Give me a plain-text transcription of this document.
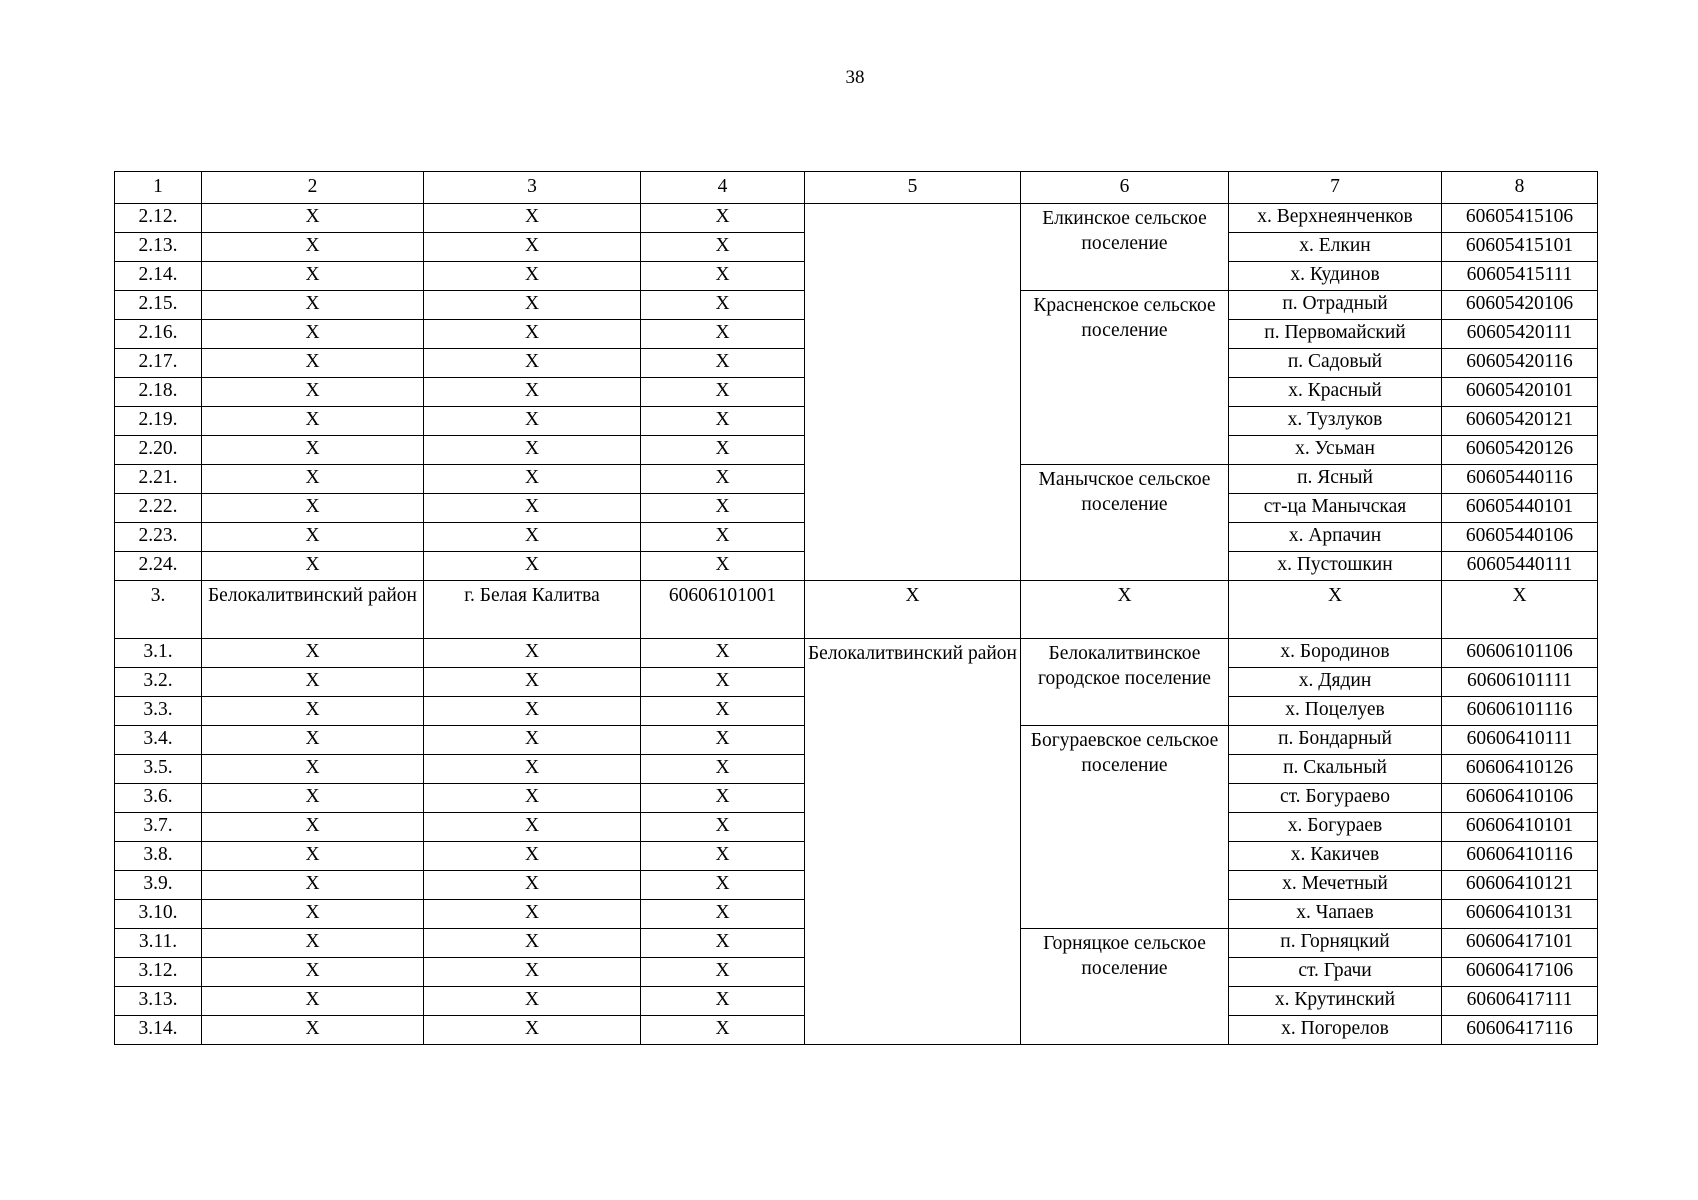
38
1	2	3	4	5	6	7	8
2.12.	Х	Х	Х		Елкинское сельское поселение	х. Верхнеянченков	60605415106
2.13.	Х	Х	Х			х. Елкин	60605415101
2.14.	Х	Х	Х			х. Кудинов	60605415111
2.15.	Х	Х	Х		Красненское сельское поселение	п. Отрадный	60605420106
2.16.	Х	Х	Х			п. Первомайский	60605420111
2.17.	Х	Х	Х			п. Садовый	60605420116
2.18.	Х	Х	Х			х. Красный	60605420101
2.19.	Х	Х	Х			х. Тузлуков	60605420121
2.20.	Х	Х	Х			х. Усьман	60605420126
2.21.	Х	Х	Х		Манычское сельское поселение	п. Ясный	60605440116
2.22.	Х	Х	Х			ст-ца Манычская	60605440101
2.23.	Х	Х	Х			х. Арпачин	60605440106
2.24.	Х	Х	Х			х. Пустошкин	60605440111
3.	Белокалитвинский район	г. Белая Калитва	60606101001	Х	Х	Х	Х
3.1.	Х	Х	Х	Белокалитвинский район	Белокалитвинское городское поселение	х. Бородинов	60606101106
3.2.	Х	Х	Х			х. Дядин	60606101111
3.3.	Х	Х	Х			х. Поцелуев	60606101116
3.4.	Х	Х	Х		Богураевское сельское поселение	п. Бондарный	60606410111
3.5.	Х	Х	Х			п. Скальный	60606410126
3.6.	Х	Х	Х			ст. Богураево	60606410106
3.7.	Х	Х	Х			х. Богураев	60606410101
3.8.	Х	Х	Х			х. Какичев	60606410116
3.9.	Х	Х	Х			х. Мечетный	60606410121
3.10.	Х	Х	Х			х. Чапаев	60606410131
3.11.	Х	Х	Х		Горняцкое сельское поселение	п. Горняцкий	60606417101
3.12.	Х	Х	Х			ст. Грачи	60606417106
3.13.	Х	Х	Х			х. Крутинский	60606417111
3.14.	Х	Х	Х			х. Погорелов	60606417116
